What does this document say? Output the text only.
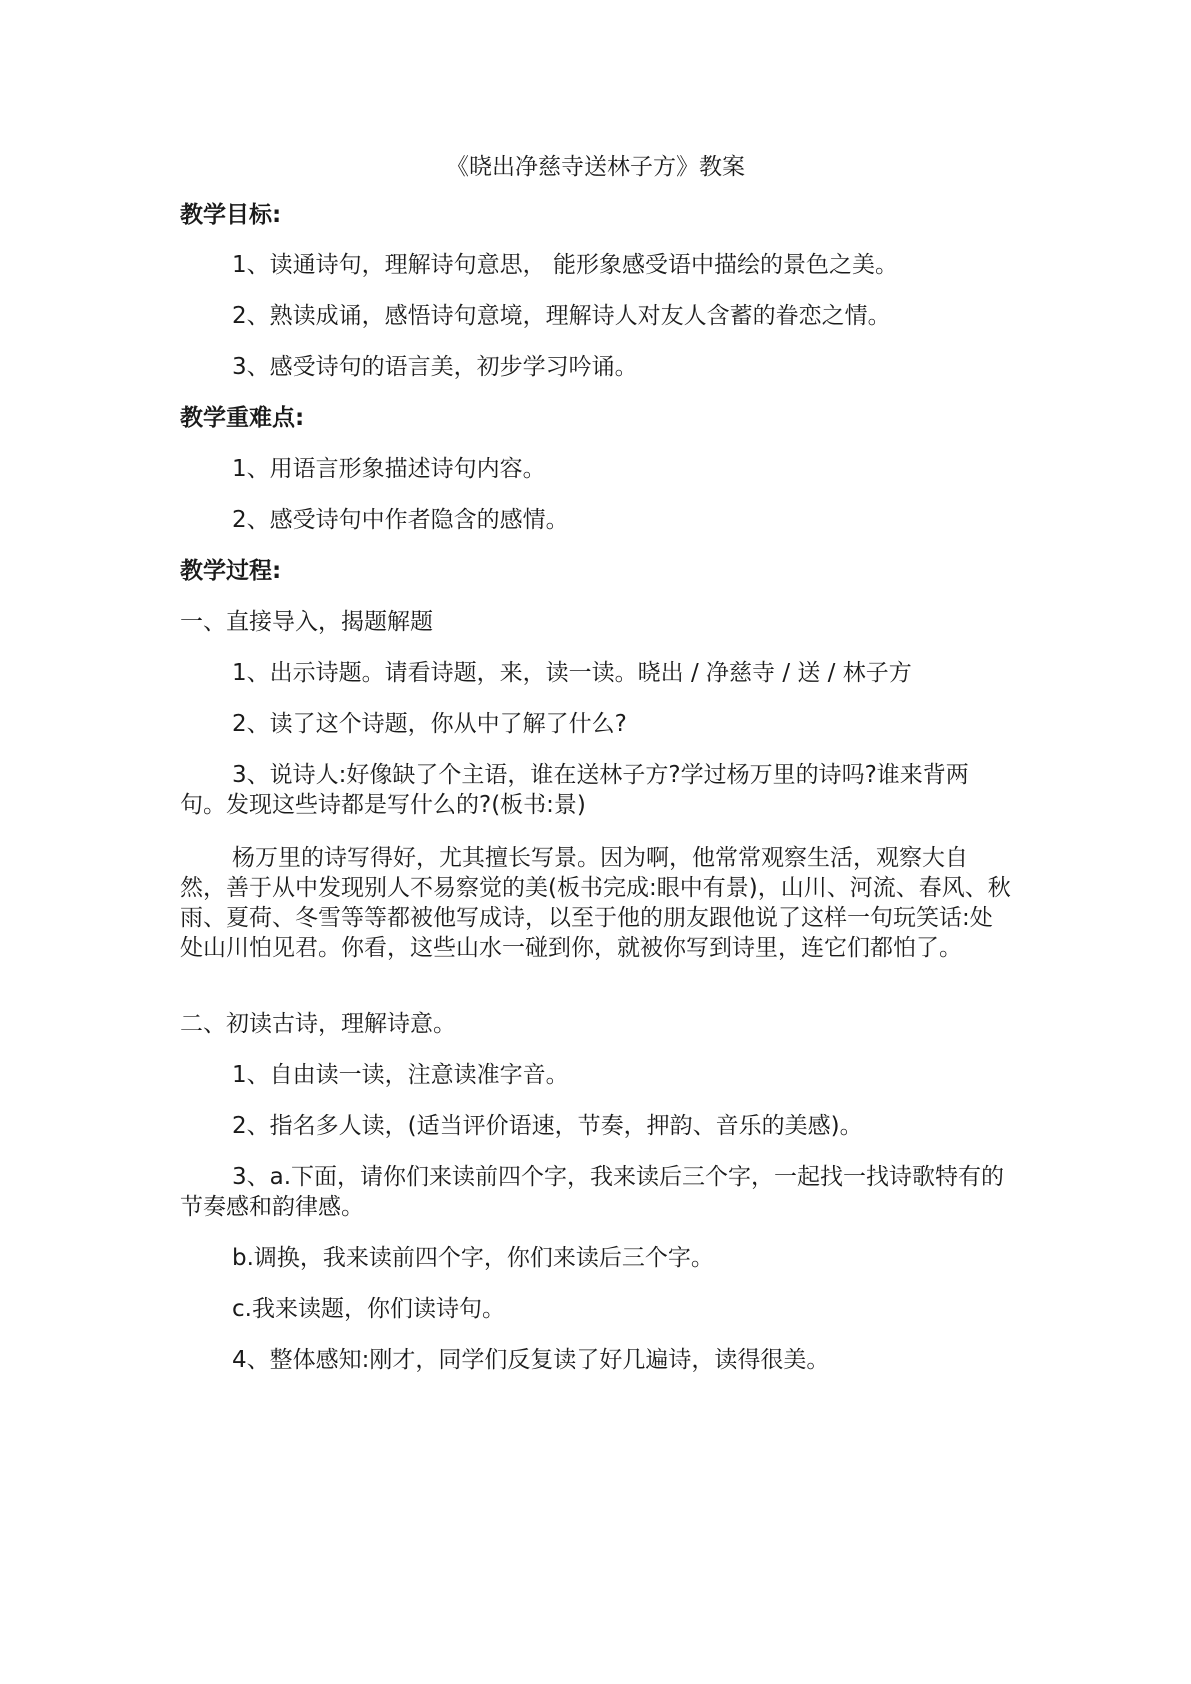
《晓出净慈寺送林子方》教案

教学目标:

1、读通诗句，理解诗句意思， 能形象感受语中描绘的景色之美。

2、熟读成诵，感悟诗句意境，理解诗人对友人含蓄的眷恋之情。

3、感受诗句的语言美，初步学习吟诵。

教学重难点:

1、用语言形象描述诗句内容。

2、感受诗句中作者隐含的感情。

教学过程:

一、直接导入，揭题解题

1、出示诗题。请看诗题，来，读一读。晓出 / 净慈寺 / 送 / 林子方

2、读了这个诗题，你从中了解了什么?

3、说诗人:好像缺了个主语，谁在送林子方?学过杨万里的诗吗?谁来背两句。发现这些诗都是写什么的?(板书:景)

杨万里的诗写得好，尤其擅长写景。因为啊，他常常观察生活，观察大自然，善于从中发现别人不易察觉的美(板书完成:眼中有景)，山川、河流、春风、秋雨、夏荷、冬雪等等都被他写成诗，以至于他的朋友跟他说了这样一句玩笑话:处处山川怕见君。你看，这些山水一碰到你，就被你写到诗里，连它们都怕了。

二、初读古诗，理解诗意。

1、自由读一读，注意读准字音。

2、指名多人读，(适当评价语速，节奏，押韵、音乐的美感)。

3、a.下面，请你们来读前四个字，我来读后三个字，一起找一找诗歌特有的节奏感和韵律感。

b.调换，我来读前四个字，你们来读后三个字。

c.我来读题，你们读诗句。

4、整体感知:刚才，同学们反复读了好几遍诗，读得很美。
